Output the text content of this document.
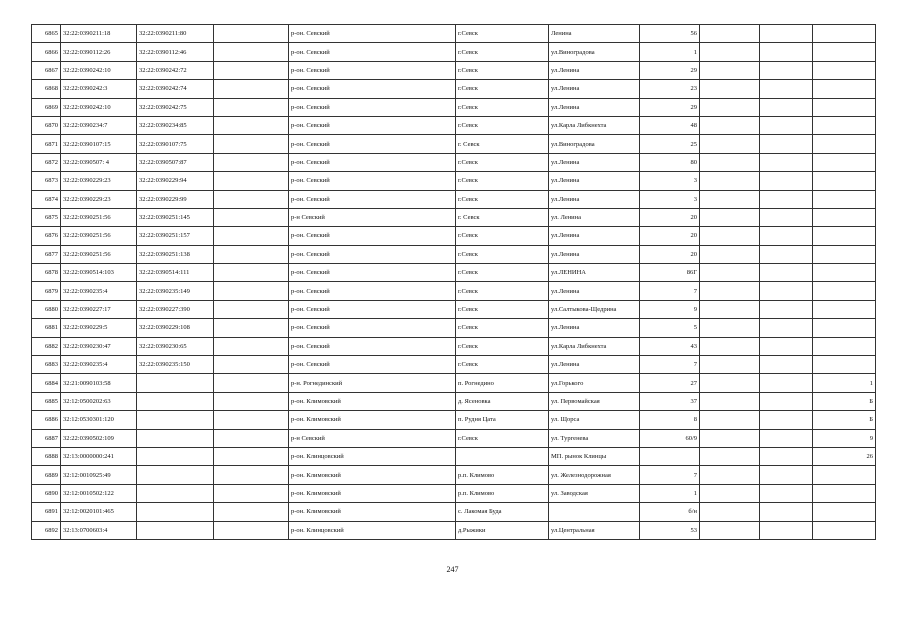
6865	32:22:0390211:18	32:22:0390211:80		р-он. Севский	г.Севск	Ленина	56			
6866	32:22:0390112:26	32:22:0390112:46		р-он. Севский	г.Севск	ул.Виноградова	1			
6867	32:22:0390242:10	32:22:0390242:72		р-он. Севский	г.Севск	ул.Ленина	29			
6868	32:22:0390242:3	32:22:0390242:74		р-он. Севский	г.Севск	ул.Ленина	23			
6869	32:22:0390242:10	32:22:0390242:75		р-он. Севский	г.Севск	ул.Ленина	29			
6870	32:22:0390234:7	32:22:0390234:85		р-он. Севский	г.Севск	ул.Карла Либкнехта	48			
6871	32:22:0390107:15	32:22:0390107:75		р-он. Севский	г. Севск	ул.Виноградова	25			
6872	32:22:0390507: 4	32:22:0390507:87		р-он. Севский	г.Севск	ул.Ленина	80			
6873	32:22:0390229:23	32:22:0390229:94		р-он. Севский	г.Севск	ул.Ленина	3			
6874	32:22:0390229:23	32:22:0390229:99		р-он. Севский	г.Севск	ул.Ленина	3			
6875	32:22:0390251:56	32:22:0390251:145		р-н Севский	г. Севск	ул. Ленина	20			
6876	32:22:0390251:56	32:22:0390251:157		р-он. Севский	г.Севск	ул.Ленина	20			
6877	32:22:0390251:56	32:22:0390251:138		р-он. Севский	г.Севск	ул.Ленина	20			
6878	32:22:0390514:103	32:22:0390514:111		р-он. Севский	г.Севск	ул.ЛЕНИНА	86Г			
6879	32:22:0390235:4	32:22:0390235:149		р-он. Севский	г.Севск	ул.Ленина	7			
6880	32:22:0390227:17	32:22:0390227:390		р-он. Севский	г.Севск	ул.Салтыкова-Щедрина	9			
6881	32:22:0390229:5	32:22:0390229:108		р-он. Севский	г.Севск	ул.Ленина	5			
6882	32:22:0390230:47	32:22:0390230:65		р-он. Севский	г.Севск	ул.Карла Либкнехта	43			
6883	32:22:0390235:4	32:22:0390235:150		р-он. Севский	г.Севск	ул.Ленина	7			
6884	32:21:0090103:58			р-н. Рогнединский	п. Рогнедино	ул.Горького	27			1
6885	32:12:0500202:63			р-он. Климовский	д. Ясеновка	ул. Первомайская	37			Б
6886	32:12:0530301:120			р-он. Климовский	п. Рудня Цата	ул. Щорса	8			Б
6887	32:22:0390502:109			р-н Севский	г.Севск	ул. Тургенева	60/9			9
6888	32:13:0000000:241			р-он. Клинцовский		МП. рынок Клинцы				26
6889	32:12:0010925:49			р-он. Климовский	р.п. Климово	ул. Железнодорожная	7			
6890	32:12:0010502:122			р-он. Климовский	р.п. Климово	ул. Заводская	1			
6891	32:12:0020101:465			р-он. Климовский	с. Лакомая Буда		б/н			
6892	32:13:0700603:4			р-он. Клинцовский	д.Рыжики	ул.Центральная	53			
247
